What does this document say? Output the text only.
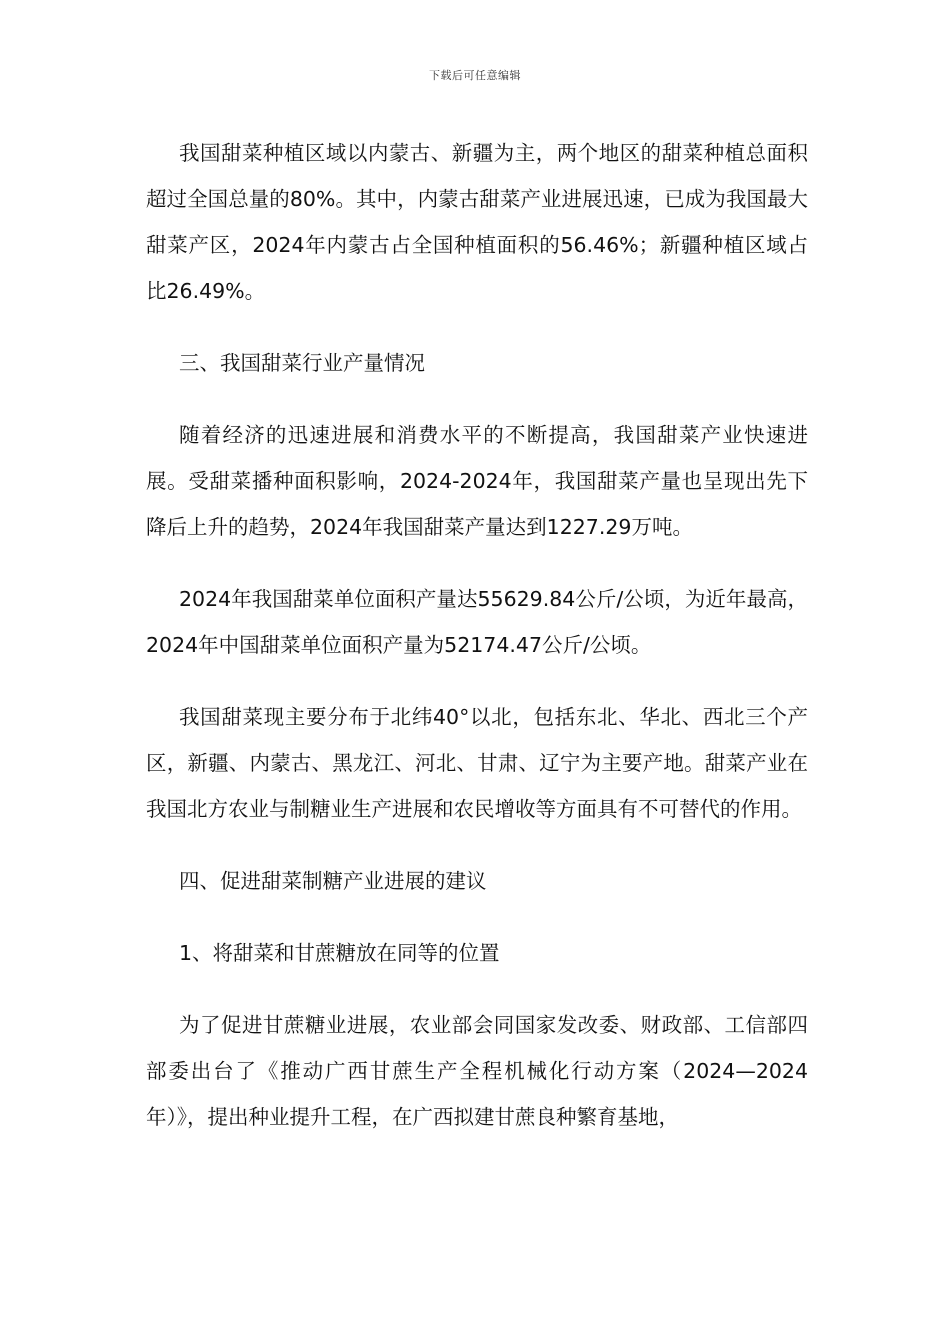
下载后可任意编辑

我国甜菜种植区域以内蒙古、新疆为主，两个地区的甜菜种植总面积超过全国总量的80%。其中，内蒙古甜菜产业进展迅速，已成为我国最大甜菜产区，2024年内蒙古占全国种植面积的56.46%；新疆种植区域占比26.49%。

三、我国甜菜行业产量情况

随着经济的迅速进展和消费水平的不断提高，我国甜菜产业快速进展。受甜菜播种面积影响，2024-2024年，我国甜菜产量也呈现出先下降后上升的趋势，2024年我国甜菜产量达到1227.29万吨。

2024年我国甜菜单位面积产量达55629.84公斤/公顷，为近年最高，2024年中国甜菜单位面积产量为52174.47公斤/公顷。

我国甜菜现主要分布于北纬40°以北，包括东北、华北、西北三个产区，新疆、内蒙古、黑龙江、河北、甘肃、辽宁为主要产地。甜菜产业在我国北方农业与制糖业生产进展和农民增收等方面具有不可替代的作用。

四、促进甜菜制糖产业进展的建议

1、将甜菜和甘蔗糖放在同等的位置

为了促进甘蔗糖业进展，农业部会同国家发改委、财政部、工信部四部委出台了《推动广西甘蔗生产全程机械化行动方案（2024—2024年）》，提出种业提升工程，在广西拟建甘蔗良种繁育基地，
